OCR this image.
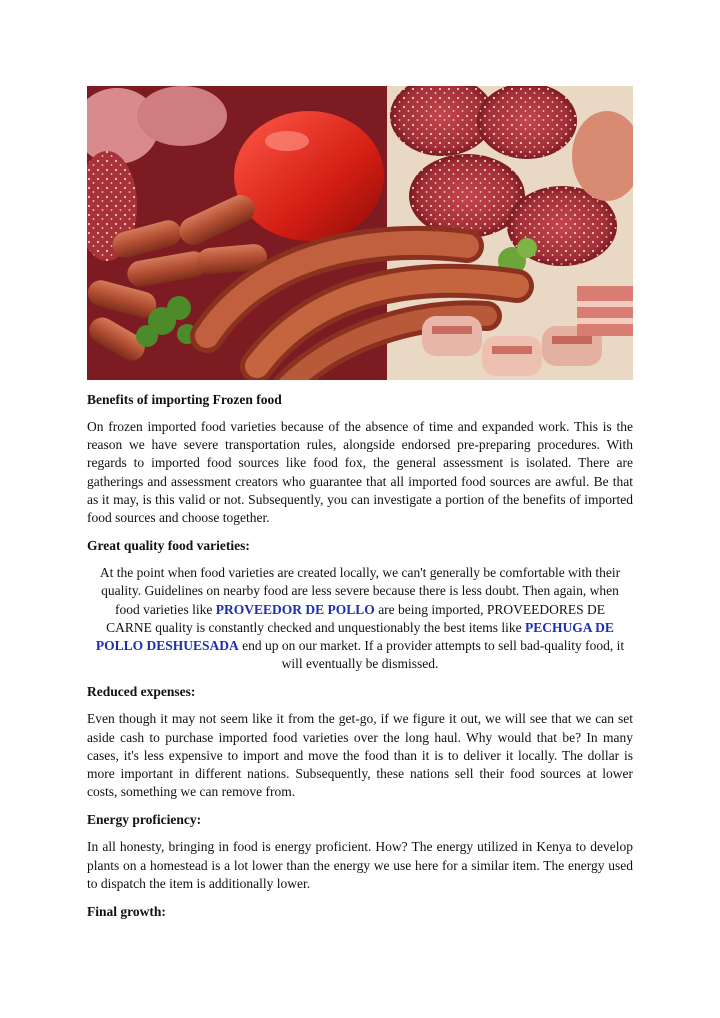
Benefits of importing Frozen food

On frozen imported food varieties because of the absence of time and expanded work. This is the reason we have severe transportation rules, alongside endorsed pre-preparing procedures. With regards to imported food sources like food fox, the general assessment is isolated. There are gatherings and assessment creators who guarantee that all imported food sources are awful. Be that as it may, is this valid or not. Subsequently, you can investigate a portion of the benefits of imported food sources and choose together.

Great quality food varieties:

At the point when food varieties are created locally, we can't generally be comfortable with their quality. Guidelines on nearby food are less severe because there is less doubt. Then again, when food varieties like PROVEEDOR DE POLLO are being imported, PROVEEDORES DE CARNE quality is constantly checked and unquestionably the best items like PECHUGA DE POLLO DESHUESADA end up on our market. If a provider attempts to sell bad-quality food, it will eventually be dismissed.

Reduced expenses:

Even though it may not seem like it from the get-go, if we figure it out, we will see that we can set aside cash to purchase imported food varieties over the long haul. Why would that be? In many cases, it's less expensive to import and move the food than it is to deliver it locally. The dollar is more important in different nations. Subsequently, these nations sell their food sources at lower costs, something we can remove from.

Energy proficiency:

In all honesty, bringing in food is energy proficient. How? The energy utilized in Kenya to develop plants on a homestead is a lot lower than the energy we use here for a similar item. The energy used to dispatch the item is additionally lower.

Final growth:
